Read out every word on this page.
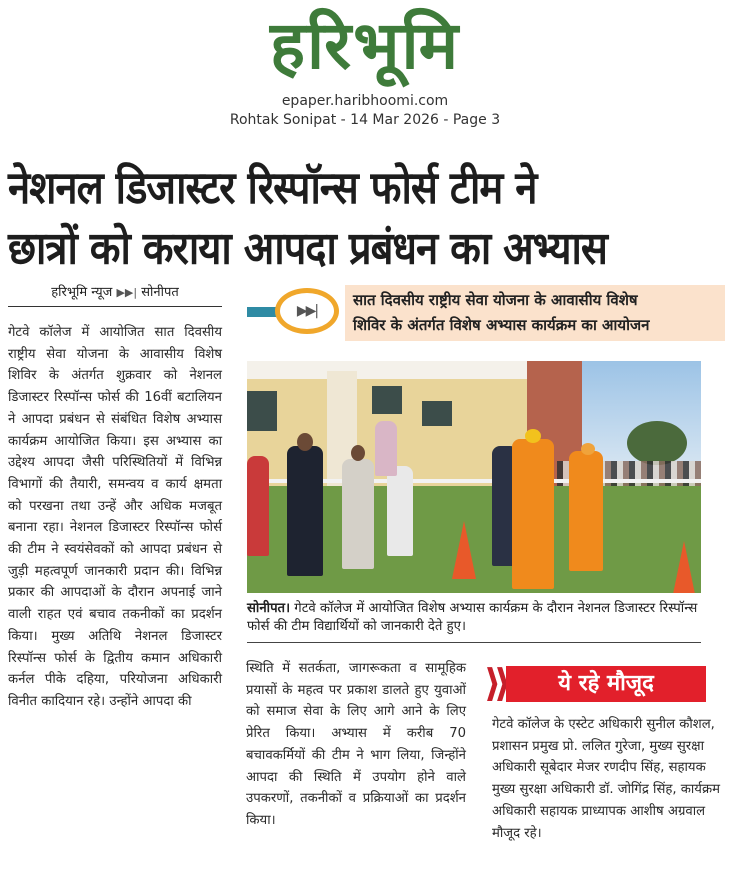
हरिभूमि
epaper.haribhoomi.com
Rohtak Sonipat - 14 Mar 2026 - Page 3
नेशनल डिजास्टर रिस्पॉन्स फोर्स टीम ने
छात्रों को कराया आपदा प्रबंधन का अभ्यास
हरिभूमि न्यूज ▶▶| सोनीपत
गेटवे कॉलेज में आयोजित सात दिवसीय राष्ट्रीय सेवा योजना के आवासीय विशेष शिविर के अंतर्गत शुक्रवार को नेशनल डिजास्टर रिस्पॉन्स फोर्स की 16वीं बटालियन ने आपदा प्रबंधन से संबंधित विशेष अभ्यास कार्यक्रम आयोजित किया। इस अभ्यास का उद्देश्य आपदा जैसी परिस्थितियों में विभिन्न विभागों की तैयारी, समन्वय व कार्य क्षमता को परखना तथा उन्हें और अधिक मजबूत बनाना रहा। नेशनल डिजास्टर रिस्पॉन्स फोर्स की टीम ने स्वयंसेवकों को आपदा प्रबंधन से जुड़ी महत्वपूर्ण जानकारी प्रदान की। विभिन्न प्रकार की आपदाओं के दौरान अपनाई जाने वाली राहत एवं बचाव तकनीकों का प्रदर्शन किया। मुख्य अतिथि नेशनल डिजास्टर रिस्पॉन्स फोर्स के द्वितीय कमान अधिकारी कर्नल पीके दहिया, परियोजना अधिकारी विनीत कादियान रहे। उन्होंने आपदा की
▶▶|
सात दिवसीय राष्ट्रीय सेवा योजना के आवासीय विशेष
शिविर के अंतर्गत विशेष अभ्यास कार्यक्रम का आयोजन
सोनीपत। गेटवे कॉलेज में आयोजित विशेष अभ्यास कार्यक्रम के दौरान नेशनल डिजास्टर रिस्पॉन्स फोर्स की टीम विद्यार्थियों को जानकारी देते हुए।
स्थिति में सतर्कता, जागरूकता व सामूहिक प्रयासों के महत्व पर प्रकाश डालते हुए युवाओं को समाज सेवा के लिए आगे आने के लिए प्रेरित किया। अभ्यास में करीब 70 बचावकर्मियों की टीम ने भाग लिया, जिन्होंने आपदा की स्थिति में उपयोग होने वाले उपकरणों, तकनीकों व प्रक्रियाओं का प्रदर्शन किया।
⟫	ये रहे मौजूद
गेटवे कॉलेज के एस्टेट अधिकारी सुनील कौशल, प्रशासन प्रमुख प्रो. ललित गुरेजा, मुख्य सुरक्षा अधिकारी सूबेदार मेजर रणदीप सिंह, सहायक मुख्य सुरक्षा अधिकारी डॉ. जोगिंद्र सिंह, कार्यक्रम अधिकारी सहायक प्राध्यापक आशीष अग्रवाल मौजूद रहे।
